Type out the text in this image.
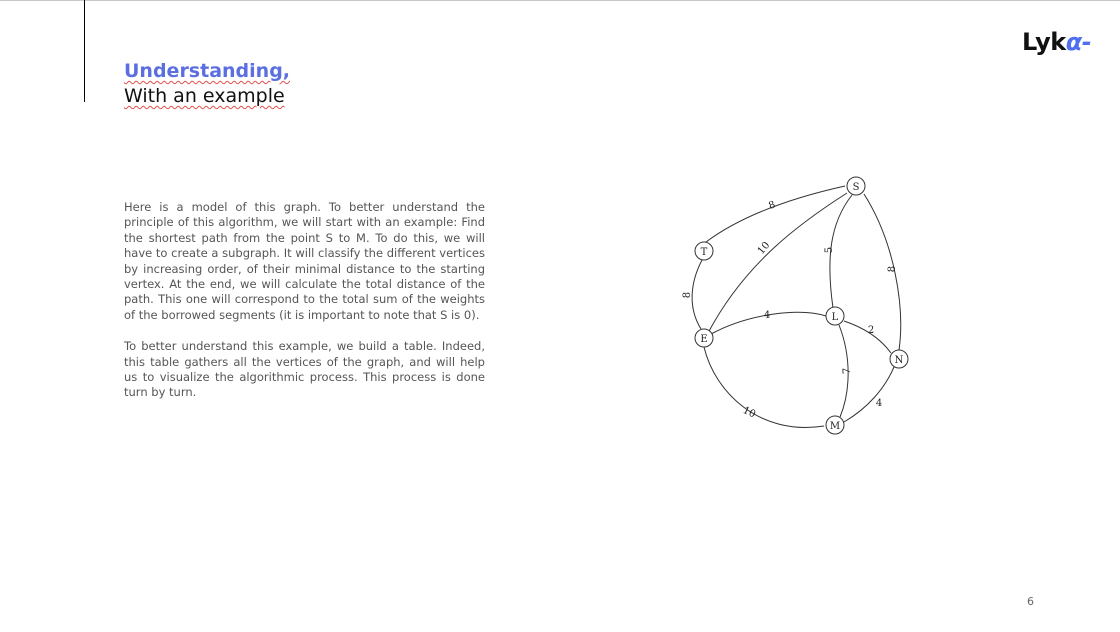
Understanding,
With an example
Lykα-

Here is a model of this graph. To better understand the principle of this algorithm, we will start with an example: Find the shortest path from the point S to M. To do this, we will have to create a subgraph. It will classify the different vertices by increasing order, of their minimal distance to the starting vertex. At the end, we will calculate the total distance of the path. This one will correspond to the total sum of the weights of the borrowed segments (it is important to note that S is 0).

To better understand this example, we build a table. Indeed, this table gathers all the vertices of the graph, and will help us to visualize the algorithmic process. This process is done turn by turn.

S
T
E
L
N
M
8
10	5
8
4
8
2
7
4
10
6
